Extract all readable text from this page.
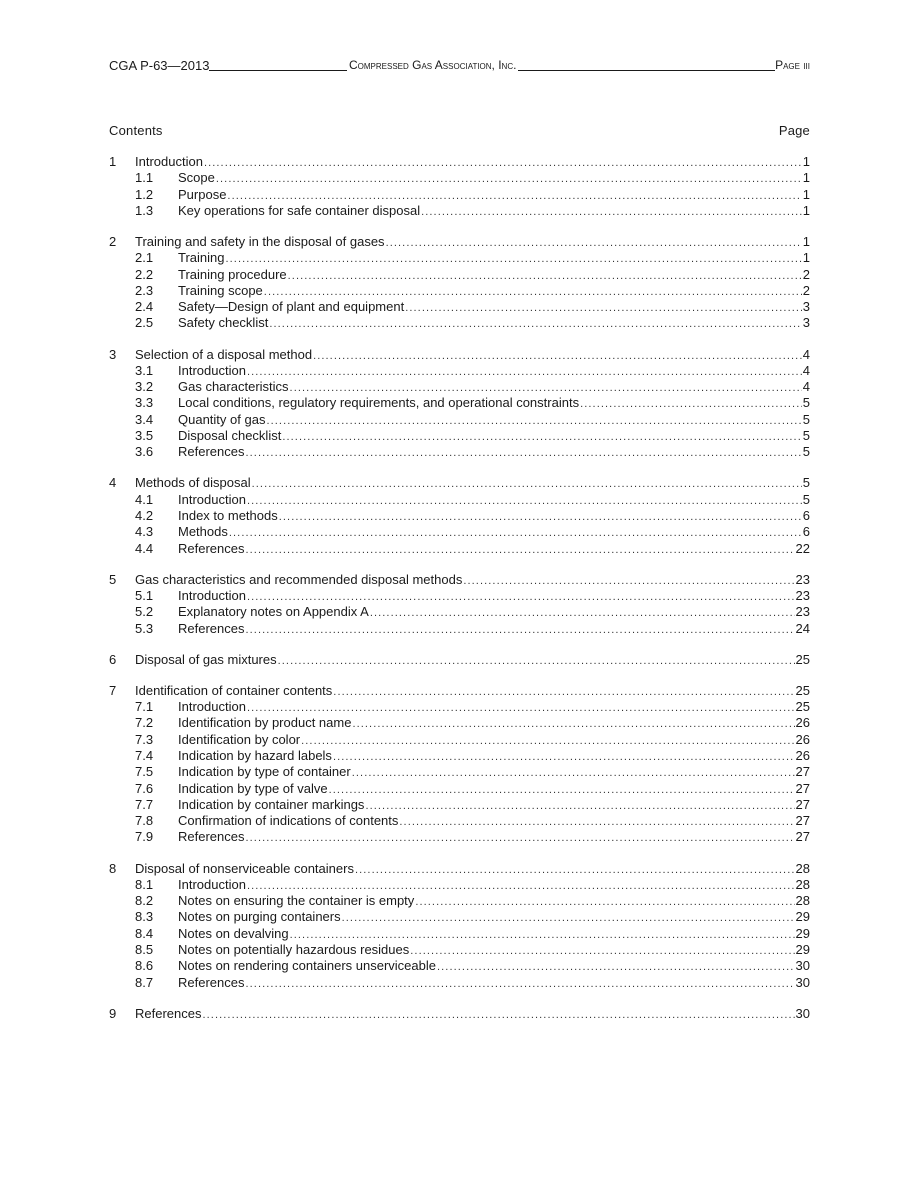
CGA P-63—2013	Page iii
Compressed Gas Association, Inc.
Contents	Page
1	Introduction .....	1
1.1	Scope .....	1
1.2	Purpose .....	1
1.3	Key operations for safe container disposal .....	1
2	Training and safety in the disposal of gases .....	1
2.1	Training .....	1
2.2	Training procedure .....	2
2.3	Training scope .....	2
2.4	Safety—Design of plant and equipment .....	3
2.5	Safety checklist .....	3
3	Selection of a disposal method .....	4
3.1	Introduction .....	4
3.2	Gas characteristics .....	4
3.3	Local conditions, regulatory requirements, and operational constraints .....	5
3.4	Quantity of gas .....	5
3.5	Disposal checklist .....	5
3.6	References .....	5
4	Methods of disposal .....	5
4.1	Introduction .....	5
4.2	Index to methods .....	6
4.3	Methods .....	6
4.4	References .....	22
5	Gas characteristics and recommended disposal methods .....	23
5.1	Introduction .....	23
5.2	Explanatory notes on Appendix A .....	23
5.3	References .....	24
6	Disposal of gas mixtures .....	25
7	Identification of container contents .....	25
7.1	Introduction .....	25
7.2	Identification by product name .....	26
7.3	Identification by color .....	26
7.4	Indication by hazard labels .....	26
7.5	Indication by type of container .....	27
7.6	Indication by type of valve .....	27
7.7	Indication by container markings .....	27
7.8	Confirmation of indications of contents .....	27
7.9	References .....	27
8	Disposal of nonserviceable containers .....	28
8.1	Introduction .....	28
8.2	Notes on ensuring the container is empty .....	28
8.3	Notes on purging containers .....	29
8.4	Notes on devalving .....	29
8.5	Notes on potentially hazardous residues .....	29
8.6	Notes on rendering containers unserviceable .....	30
8.7	References .....	30
9	References .....	30
